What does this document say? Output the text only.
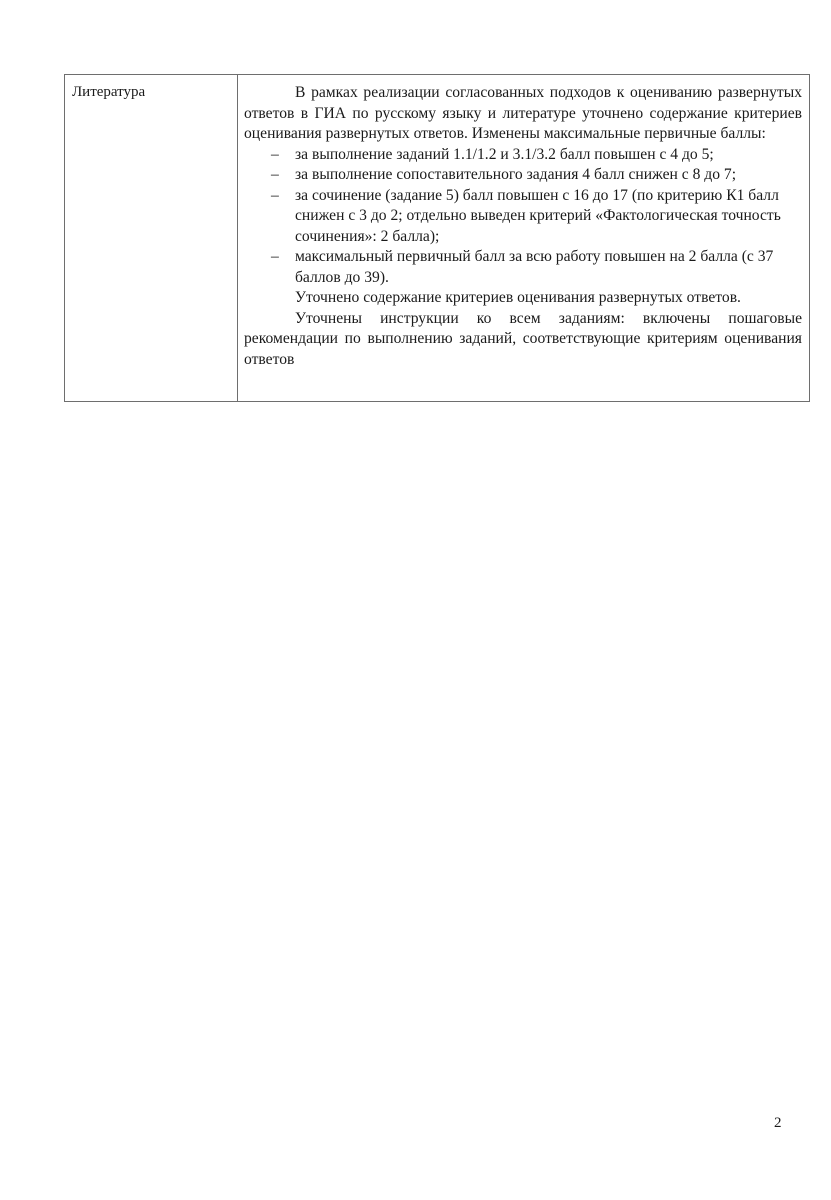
Литература	В рамках реализации согласованных подходов к оцениванию развернутых ответов в ГИА по русскому языку и литературе уточнено содержание критериев оценивания развернутых ответов. Изменены максимальные первичные баллы:

– за выполнение заданий 1.1/1.2 и 3.1/3.2 балл повышен с 4 до 5;
– за выполнение сопоставительного задания 4 балл снижен с 8 до 7;
– за сочинение (задание 5) балл повышен с 16 до 17 (по критерию К1 балл снижен с 3 до 2; отдельно выведен критерий «Фактологическая точность сочинения»: 2 балла);
– максимальный первичный балл за всю работу повышен на 2 балла (с 37 баллов до 39).

Уточнено содержание критериев оценивания развернутых ответов.

Уточнены инструкции ко всем заданиям: включены пошаговые рекомендации по выполнению заданий, соответствующие критериям оценивания ответов

2
